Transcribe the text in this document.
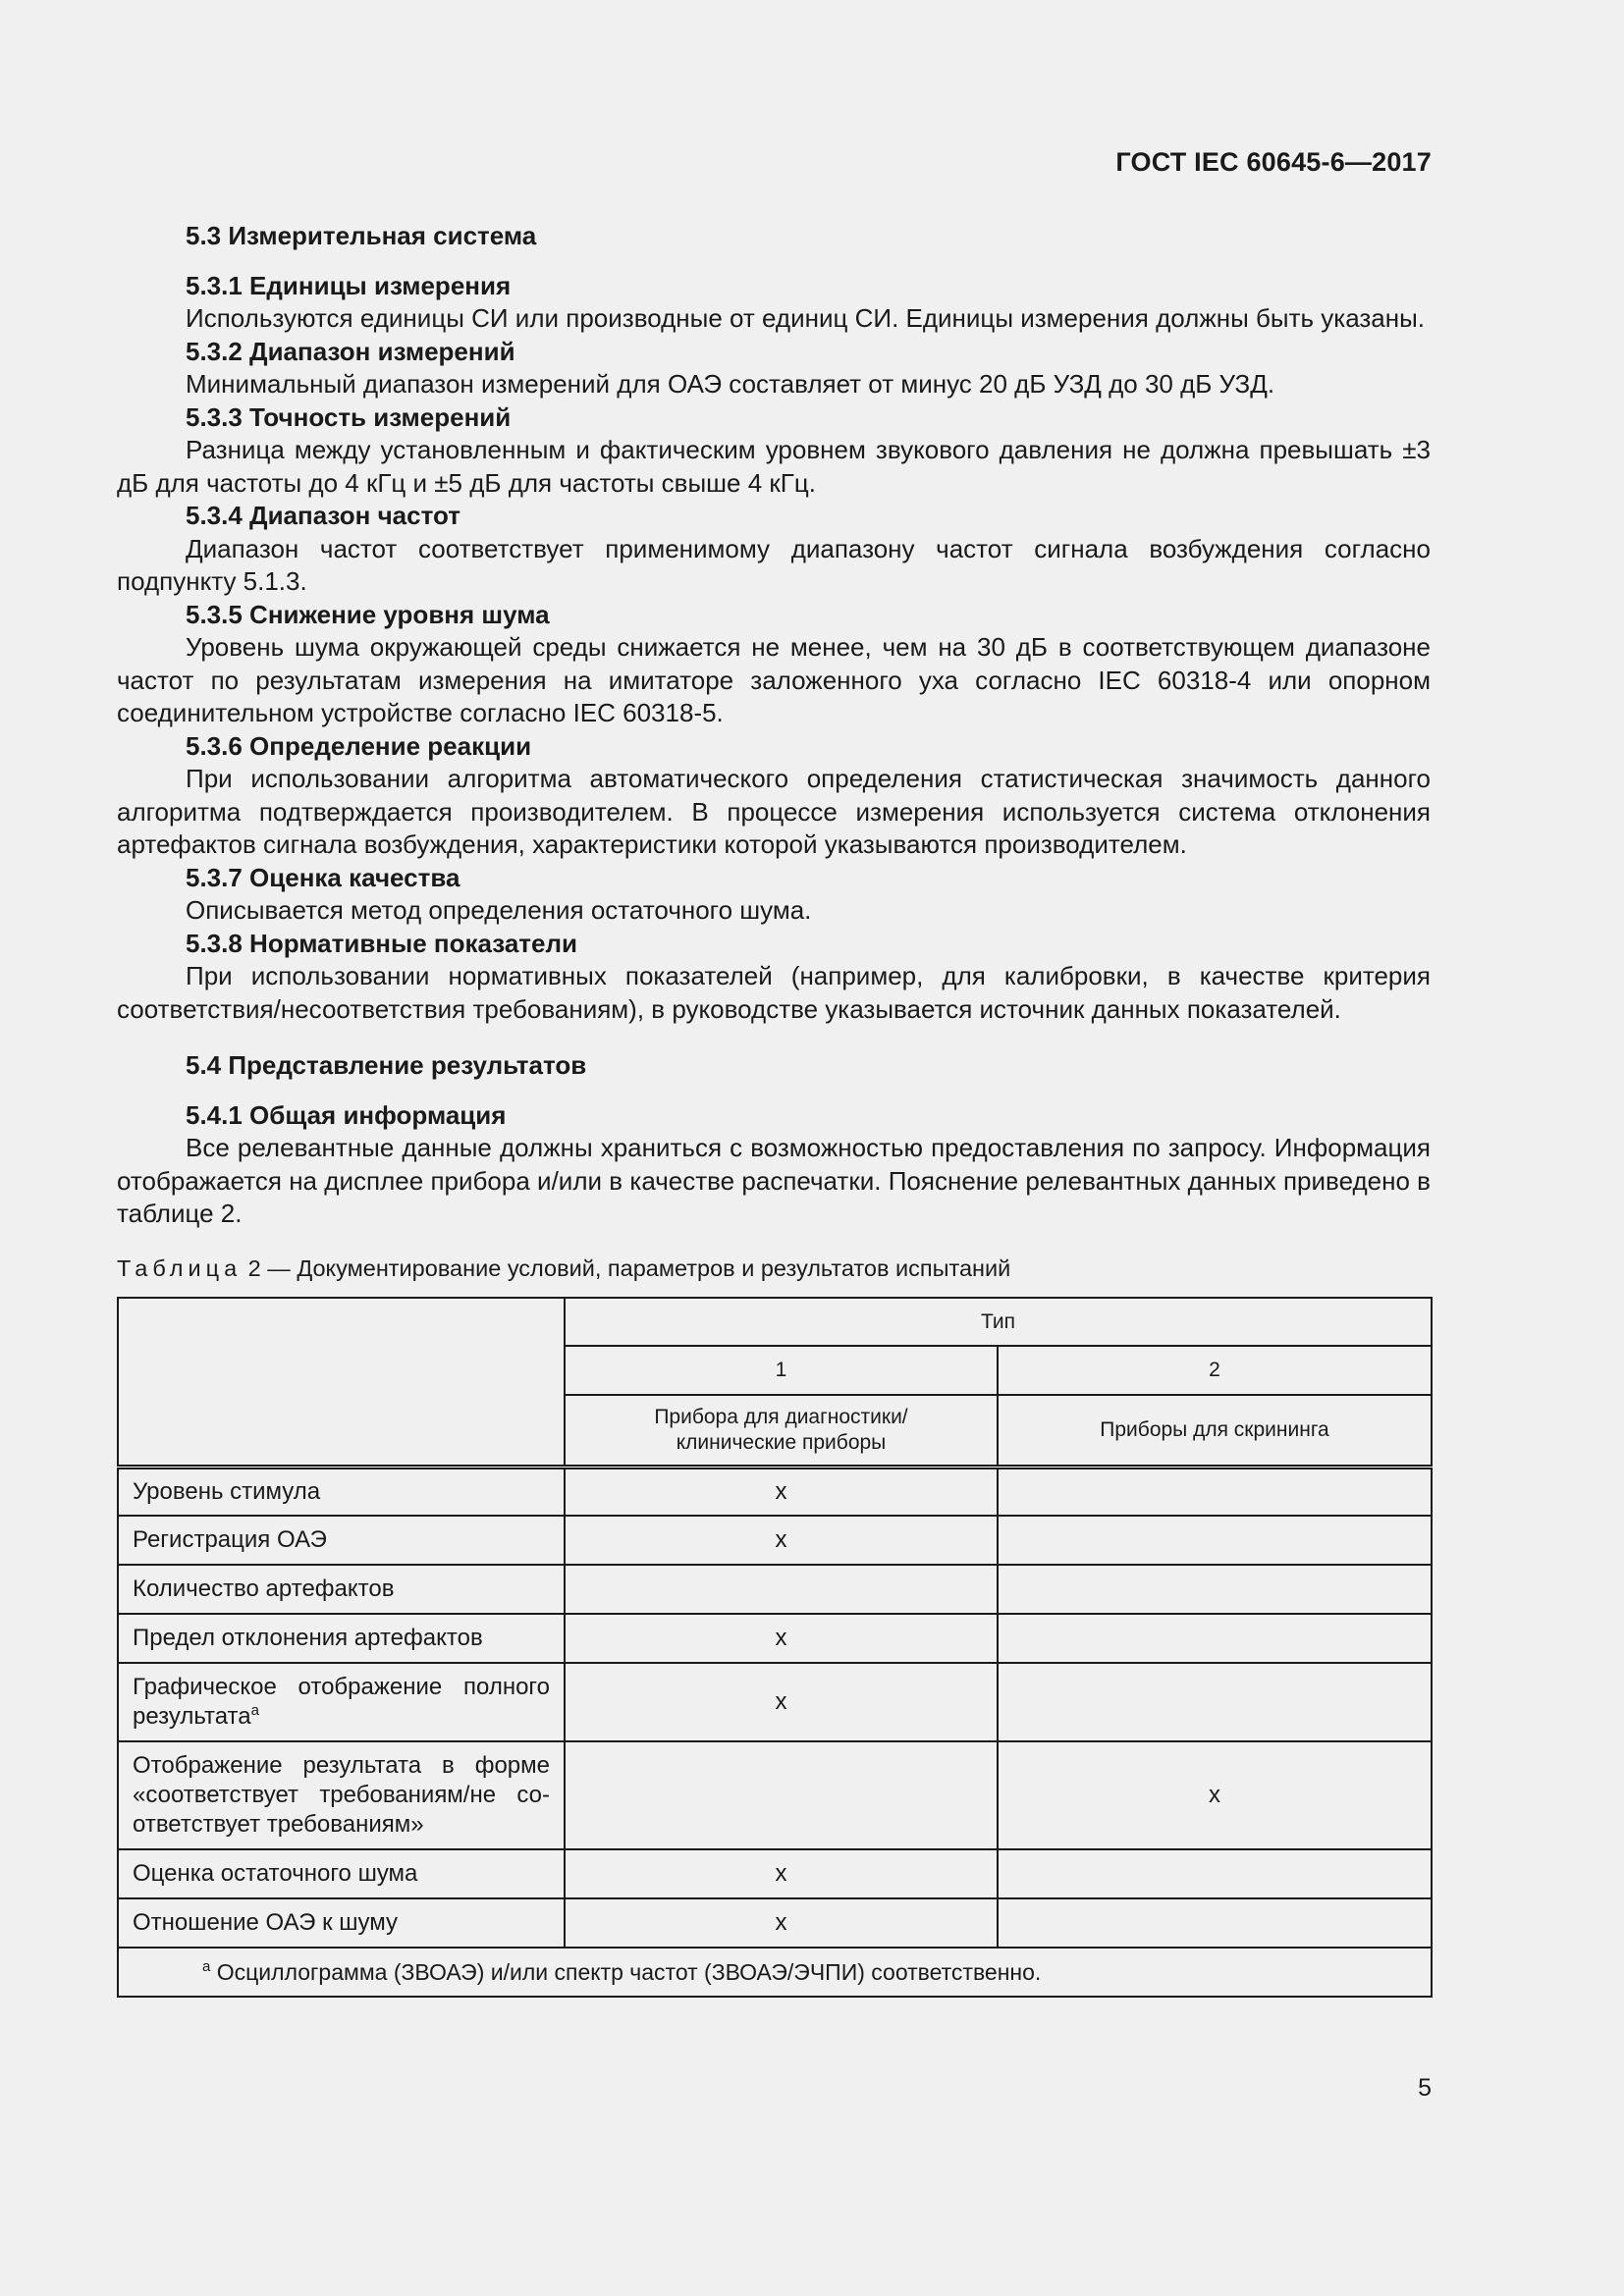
ГОСТ IEC 60645-6—2017
5.3 Измерительная система
5.3.1 Единицы измерения

Используются единицы СИ или производные от единиц СИ. Единицы измерения должны быть указаны.

5.3.2 Диапазон измерений

Минимальный диапазон измерений для ОАЭ составляет от минус 20 дБ УЗД до 30 дБ УЗД.

5.3.3 Точность измерений

Разница между установленным и фактическим уровнем звукового давления не должна превышать ±3 дБ для частоты до 4 кГц и ±5 дБ для частоты свыше 4 кГц.

5.3.4 Диапазон частот

Диапазон частот соответствует применимому диапазону частот сигнала возбуждения согласно подпункту 5.1.3.

5.3.5 Снижение уровня шума

Уровень шума окружающей среды снижается не менее, чем на 30 дБ в соответствующем диапазоне частот по результатам измерения на имитаторе заложенного уха согласно IEC 60318-4 или опорном соединительном устройстве согласно IEC 60318-5.

5.3.6 Определение реакции

При использовании алгоритма автоматического определения статистическая значимость данного алгоритма подтверждается производителем. В процессе измерения используется система отклонения артефактов сигнала возбуждения, характеристики которой указываются производителем.

5.3.7 Оценка качества

Описывается метод определения остаточного шума.

5.3.8 Нормативные показатели

При использовании нормативных показателей (например, для калибровки, в качестве критерия соответствия/несоответствия требованиям), в руководстве указывается источник данных показателей.

5.4 Представление результатов
5.4.1 Общая информация

Все релевантные данные должны храниться с возможностью предоставления по запросу. Информация отображается на дисплее прибора и/или в качестве распечатки. Пояснение релевантных данных приведено в таблице 2.

Таблица 2 — Документирование условий, параметров и результатов испытаний
	Тип	
	1	2
	Прибора для диагностики/ клинические приборы	Приборы для скрининга
Уровень стимула	x	
Регистрация ОАЭ	x	
Количество артефактов		
Предел отклонения артефактов	x	
Графическое отображение полного результата$^a$	x	
Отображение результата в форме «соответствует требованиям/не соответствует требованиям»		x
Оценка остаточного шума	x	
Отношение ОАЭ к шуму	x	
$^a$ Осциллограмма (ЗВОАЭ) и/или спектр частот (ЗВОАЭ/ЭЧПИ) соответственно.		
5
